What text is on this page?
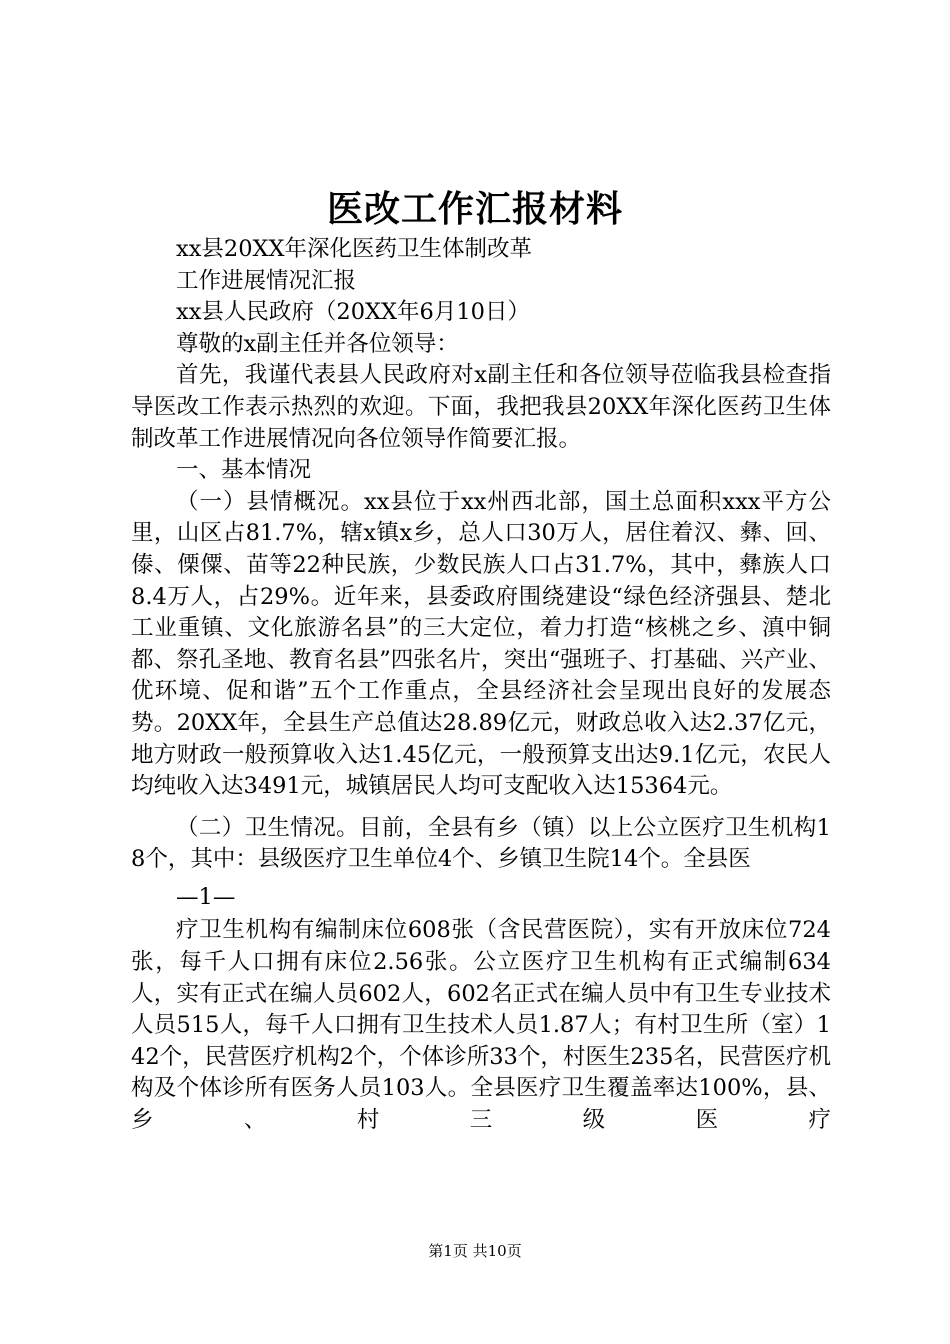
医改工作汇报材料

xx县20XX年深化医药卫生体制改革

工作进展情况汇报

xx县人民政府（20XX年6月10日）

尊敬的x副主任并各位领导：

首先，我谨代表县人民政府对x副主任和各位领导莅临我县检查指导医改工作表示热烈的欢迎。下面，我把我县20XX年深化医药卫生体制改革工作进展情况向各位领导作简要汇报。

一、基本情况

（一）县情概况。xx县位于xx州西北部，国土总面积xxx平方公里，山区占81.7%，辖x镇x乡，总人口30万人，居住着汉、彝、回、傣、傈僳、苗等22种民族，少数民族人口占31.7%，其中，彝族人口8.4万人，占29%。近年来，县委政府围绕建设“绿色经济强县、楚北工业重镇、文化旅游名县”的三大定位，着力打造“核桃之乡、滇中铜都、祭孔圣地、教育名县”四张名片，突出“强班子、打基础、兴产业、优环境、促和谐”五个工作重点，全县经济社会呈现出良好的发展态势。20XX年，全县生产总值达28.89亿元，财政总收入达2.37亿元，地方财政一般预算收入达1.45亿元，一般预算支出达9.1亿元，农民人均纯收入达3491元，城镇居民人均可支配收入达15364元。

（二）卫生情况。目前，全县有乡（镇）以上公立医疗卫生机构18个，其中：县级医疗卫生单位4个、乡镇卫生院14个。全县医

—1—

疗卫生机构有编制床位608张（含民营医院），实有开放床位724张，每千人口拥有床位2.56张。公立医疗卫生机构有正式编制634人，实有正式在编人员602人，602名正式在编人员中有卫生专业技术人员515人，每千人口拥有卫生技术人员1.87人；有村卫生所（室）142个，民营医疗机构2个，个体诊所33个，村医生235名，民营医疗机构及个体诊所有医务人员103人。全县医疗卫生覆盖率达100%，县、乡、村三级医疗

第1页 共10页
